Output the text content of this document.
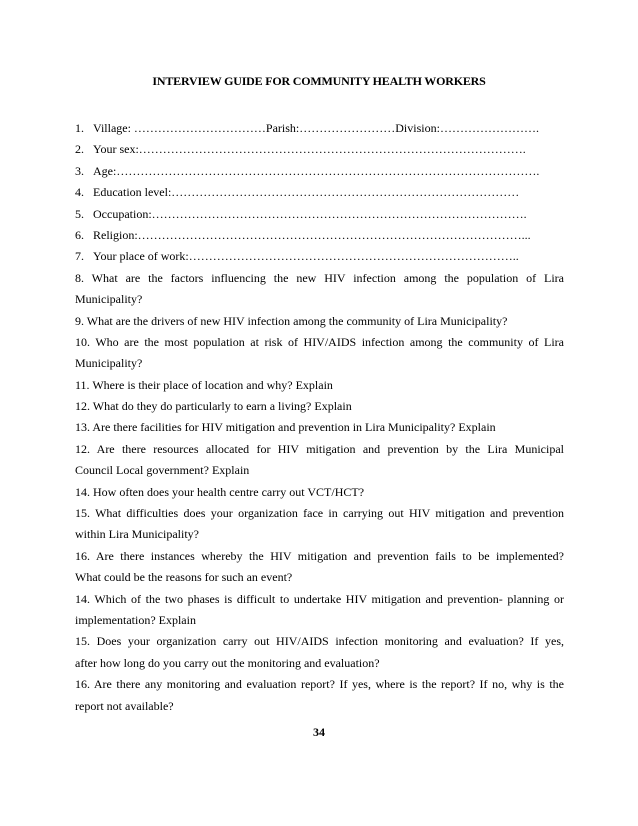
INTERVIEW GUIDE FOR COMMUNITY HEALTH WORKERS
1. Village: ……………………………Parish:……………………Division:…………………….
2. Your sex:…………………………………………………………………………………….
3. Age:…………………………………………………………………………………………….
4. Education level:……………………………………………………………………………
5. Occupation:………………………………………………………………………………….
6. Religion:……………………………………………………………………………………...
7. Your place of work:………………………………………………………………………..
8. What are the factors influencing the new HIV infection among the population of Lira
Municipality?
9. What are the drivers of new HIV infection among the community of Lira Municipality?
10. Who are the most population at risk of HIV/AIDS infection among the community of Lira
Municipality?
11. Where is their place of location and why? Explain
12. What do they do particularly to earn a living? Explain
13. Are there facilities for HIV mitigation and prevention in Lira Municipality? Explain
12. Are there resources allocated for HIV mitigation and prevention by the Lira Municipal
Council Local government? Explain
14. How often does your health centre carry out VCT/HCT?
15. What difficulties does your organization face in carrying out HIV mitigation and prevention
within Lira Municipality?
16. Are there instances whereby the HIV mitigation and prevention fails to be implemented?
What could be the reasons for such an event?
14. Which of the two phases is difficult to undertake HIV mitigation and prevention- planning or
implementation? Explain
15. Does your organization carry out HIV/AIDS infection monitoring and evaluation? If yes,
after how long do you carry out the monitoring and evaluation?
16. Are there any monitoring and evaluation report? If yes, where is the report? If no, why is the
report not available?
34
